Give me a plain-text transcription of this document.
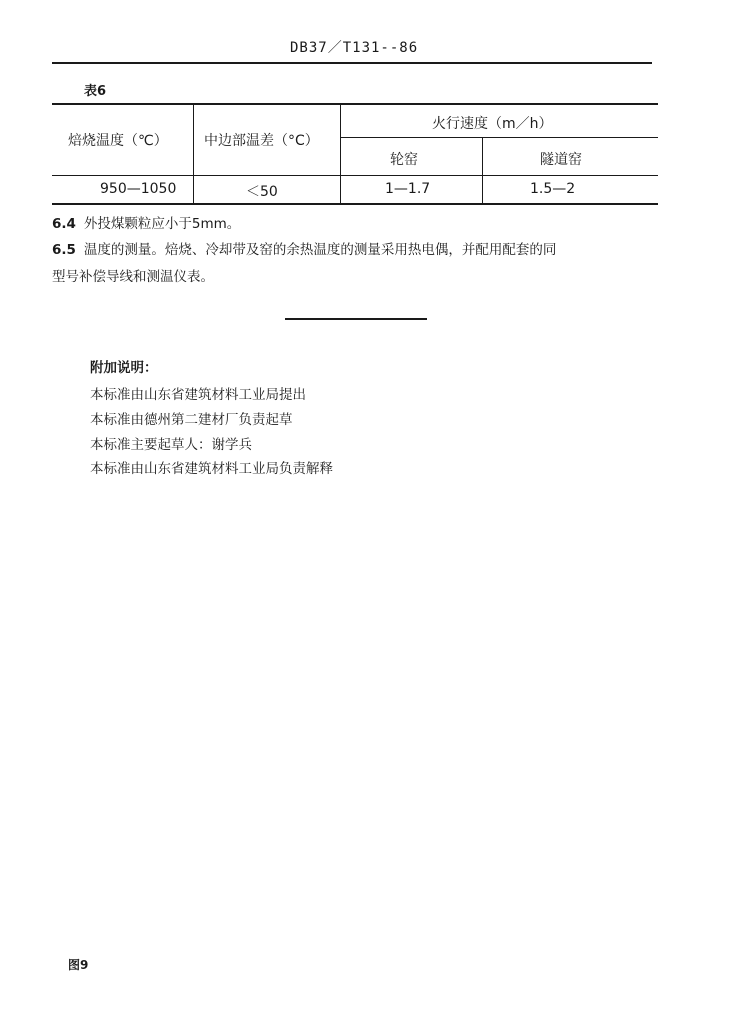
DB37／T131--86
表6
焙烧温度（℃）	中边部温差（°C）
火行速度（m／h）
轮窑	隧道窑
950—1050	＜50	1—1.7	1.5—2
6.4 外投煤颗粒应小于5mm。
6.5 温度的测量。焙烧、冷却带及窑的余热温度的测量采用热电偶，并配用配套的同
型号补偿导线和测温仪表。
附加说明：
本标准由山东省建筑材料工业局提出
本标准由德州第二建材厂负责起草
本标准主要起草人：谢学兵
本标准由山东省建筑材料工业局负责解释
图9
